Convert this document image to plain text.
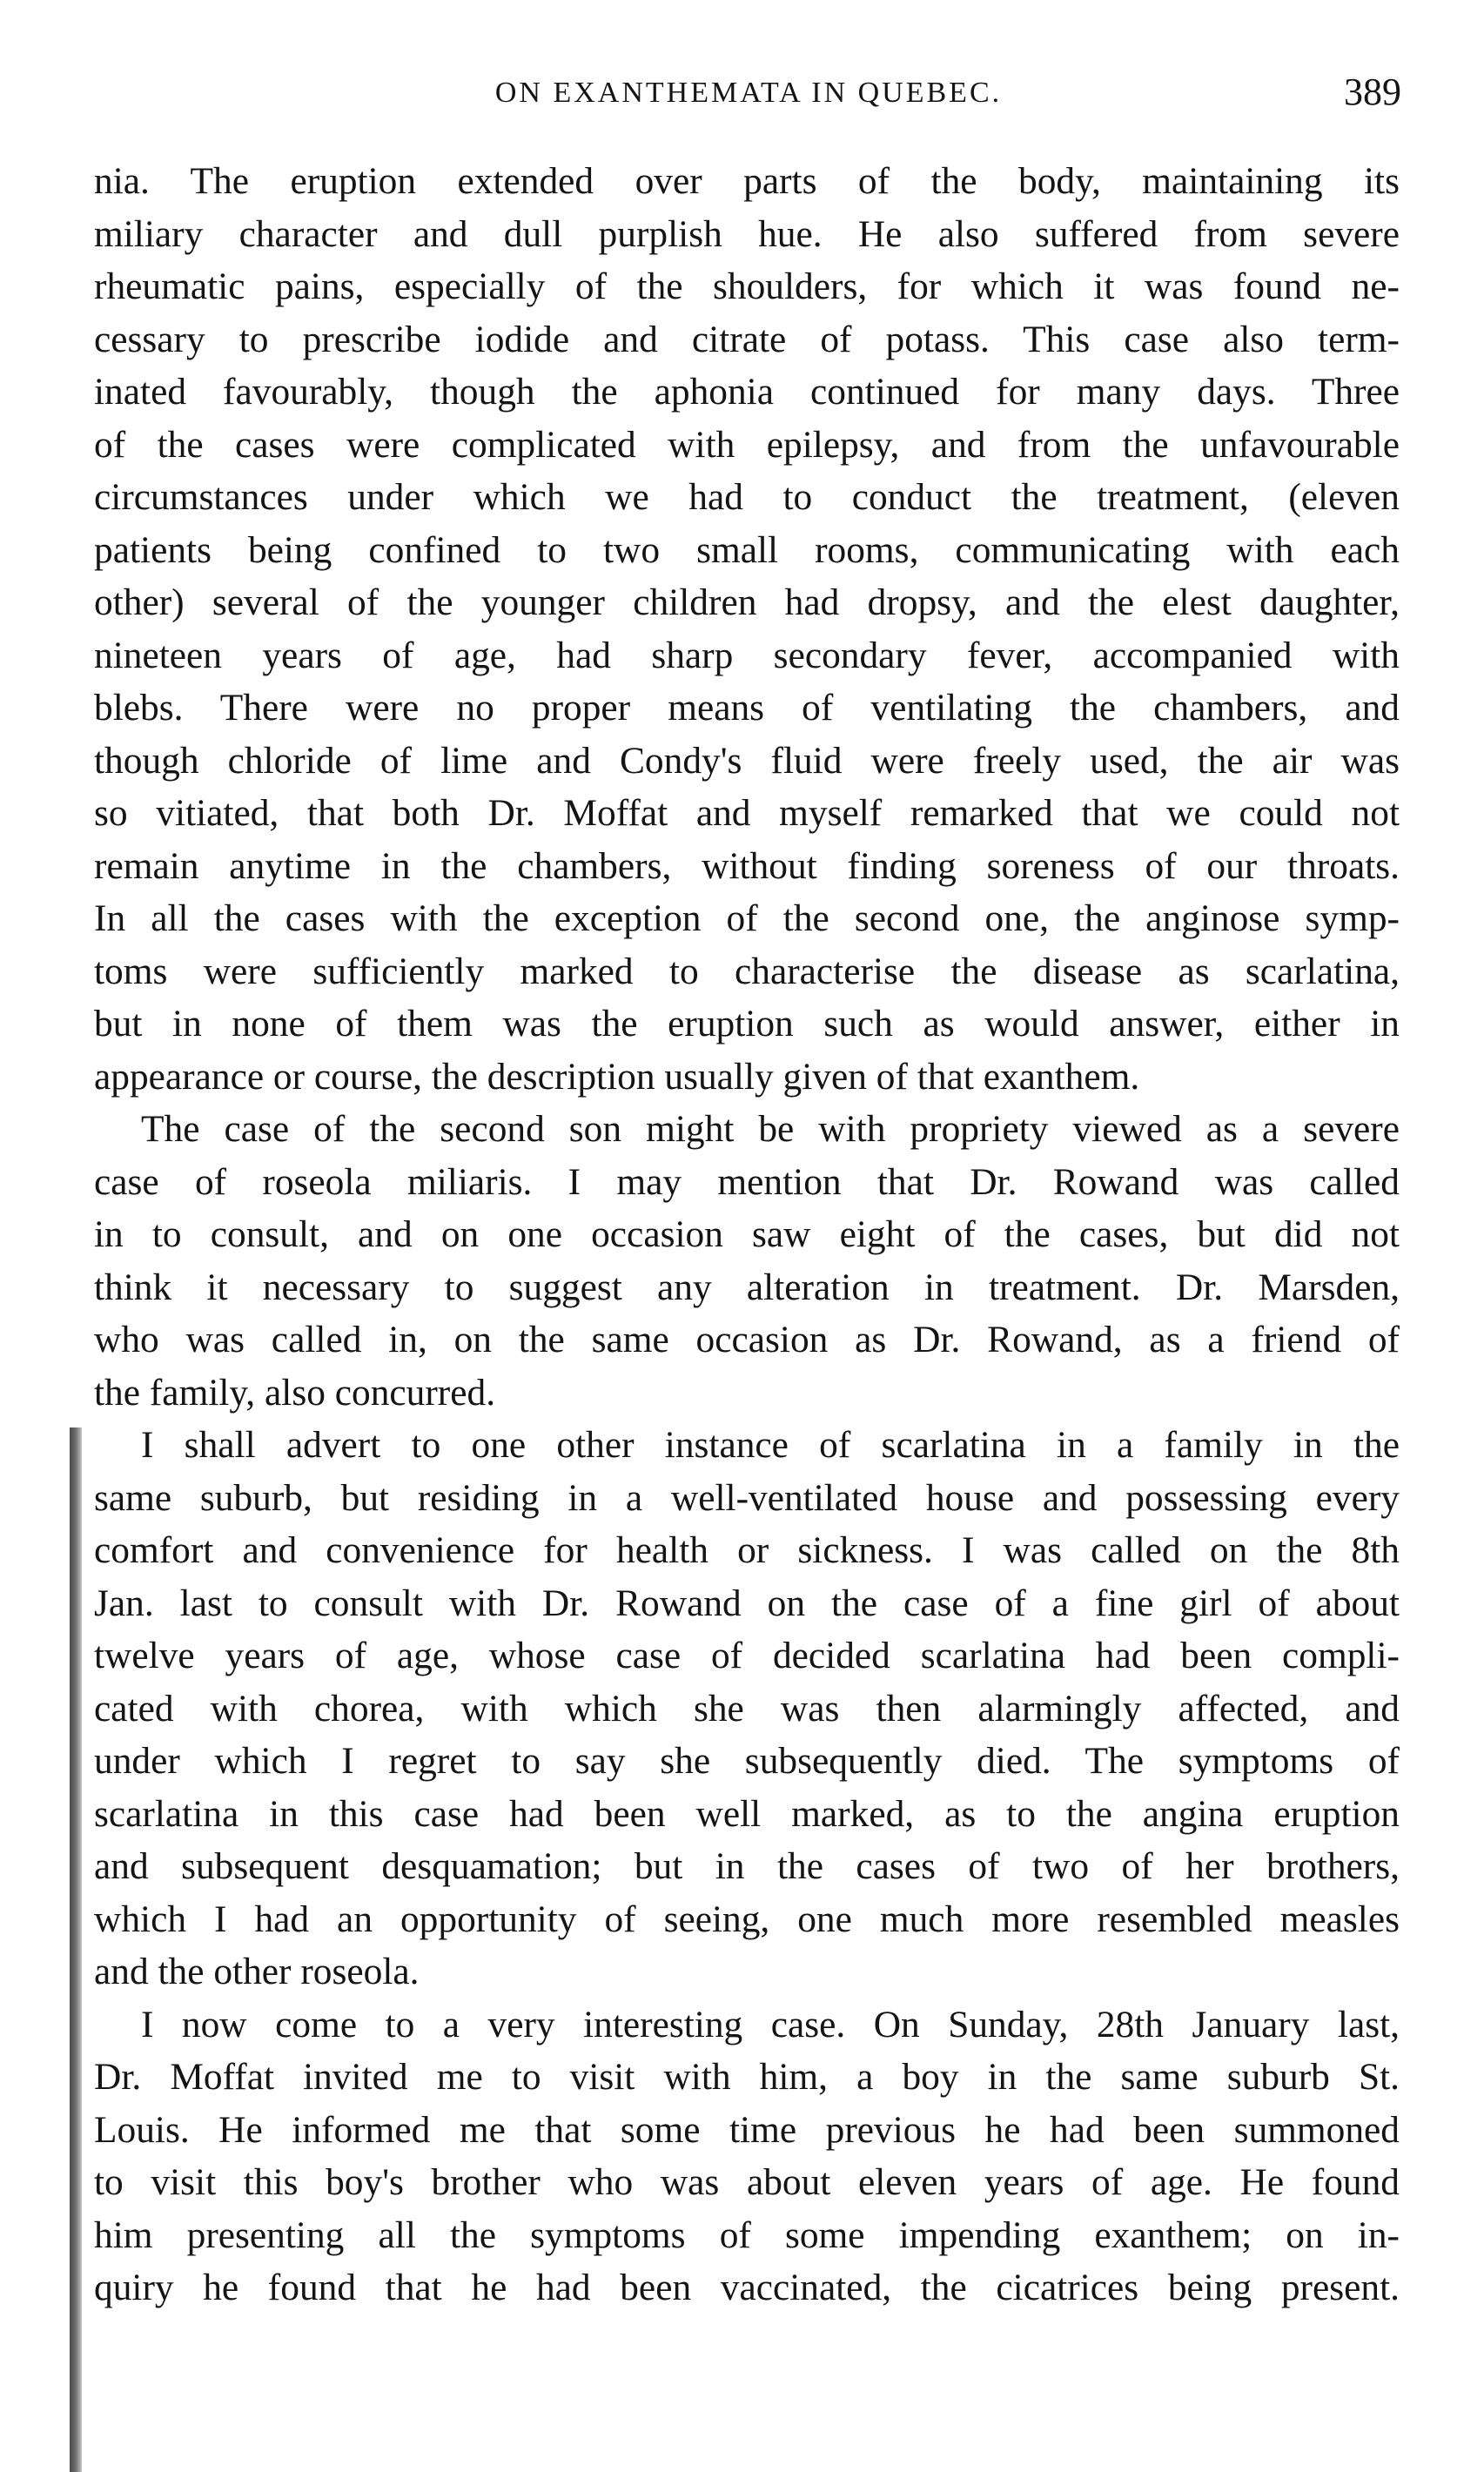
ON EXANTHEMATA IN QUEBEC.	389
nia. The eruption extended over parts of the body, maintaining its
miliary character and dull purplish hue. He also suffered from severe
rheumatic pains, especially of the shoulders, for which it was found ne-
cessary to prescribe iodide and citrate of potass. This case also term-
inated favourably, though the aphonia continued for many days. Three
of the cases were complicated with epilepsy, and from the unfavourable
circumstances under which we had to conduct the treatment, (eleven
patients being confined to two small rooms, communicating with each
other) several of the younger children had dropsy, and the elest daughter,
nineteen years of age, had sharp secondary fever, accompanied with
blebs. There were no proper means of ventilating the chambers, and
though chloride of lime and Condy's fluid were freely used, the air was
so vitiated, that both Dr. Moffat and myself remarked that we could not
remain anytime in the chambers, without finding soreness of our throats.
In all the cases with the exception of the second one, the anginose symp-
toms were sufficiently marked to characterise the disease as scarlatina,
but in none of them was the eruption such as would answer, either in
appearance or course, the description usually given of that exanthem.
The case of the second son might be with propriety viewed as a severe
case of roseola miliaris. I may mention that Dr. Rowand was called
in to consult, and on one occasion saw eight of the cases, but did not
think it necessary to suggest any alteration in treatment. Dr. Marsden,
who was called in, on the same occasion as Dr. Rowand, as a friend of
the family, also concurred.
I shall advert to one other instance of scarlatina in a family in the
same suburb, but residing in a well-ventilated house and possessing every
comfort and convenience for health or sickness. I was called on the 8th
Jan. last to consult with Dr. Rowand on the case of a fine girl of about
twelve years of age, whose case of decided scarlatina had been compli-
cated with chorea, with which she was then alarmingly affected, and
under which I regret to say she subsequently died. The symptoms of
scarlatina in this case had been well marked, as to the angina eruption
and subsequent desquamation; but in the cases of two of her brothers,
which I had an opportunity of seeing, one much more resembled measles
and the other roseola.
I now come to a very interesting case. On Sunday, 28th January last,
Dr. Moffat invited me to visit with him, a boy in the same suburb St.
Louis. He informed me that some time previous he had been summoned
to visit this boy's brother who was about eleven years of age. He found
him presenting all the symptoms of some impending exanthem; on in-
quiry he found that he had been vaccinated, the cicatrices being present.
